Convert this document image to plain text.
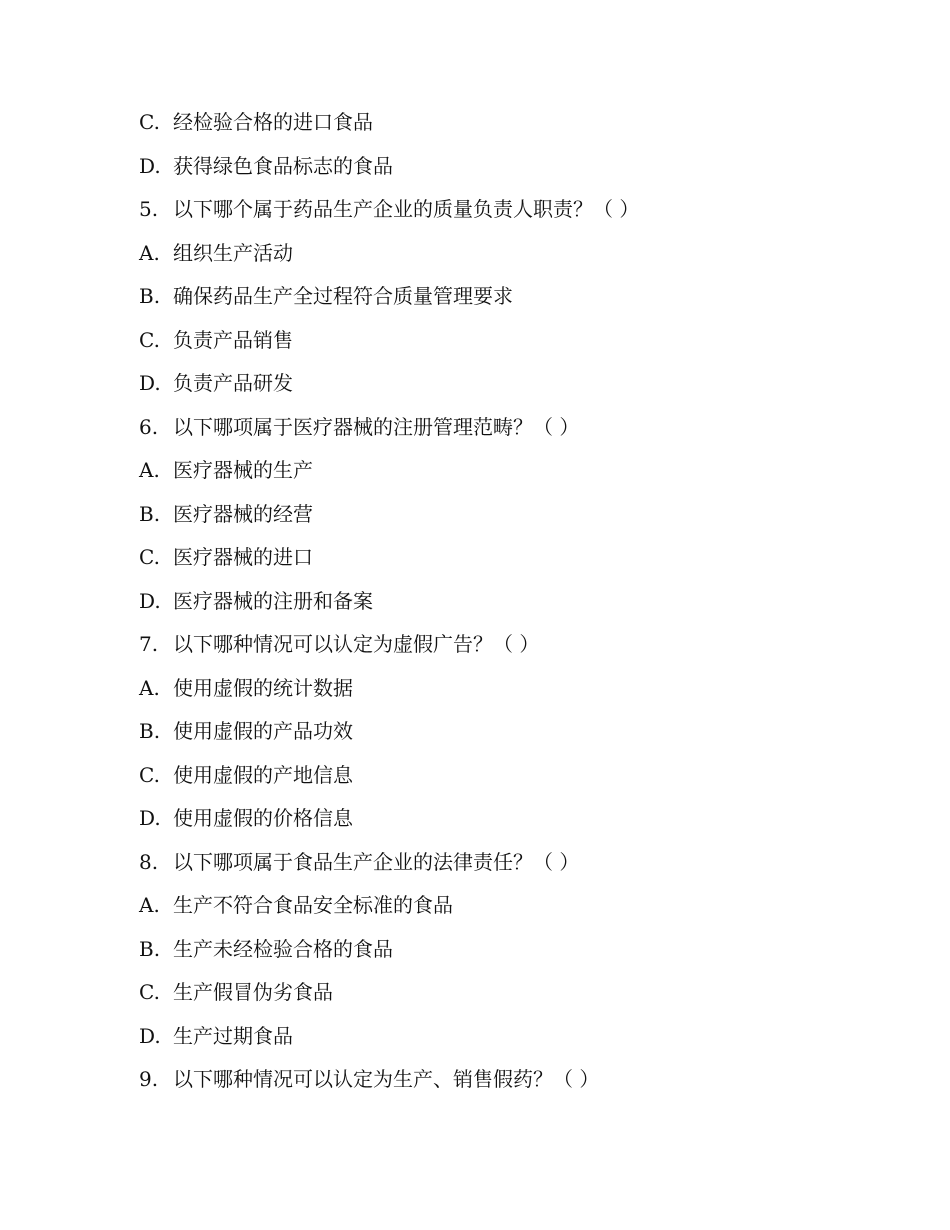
C. 经检验合格的进口食品
D. 获得绿色食品标志的食品
5. 以下哪个属于药品生产企业的质量负责人职责？（ ）
A. 组织生产活动
B. 确保药品生产全过程符合质量管理要求
C. 负责产品销售
D. 负责产品研发
6. 以下哪项属于医疗器械的注册管理范畴？（ ）
A. 医疗器械的生产
B. 医疗器械的经营
C. 医疗器械的进口
D. 医疗器械的注册和备案
7. 以下哪种情况可以认定为虚假广告？（ ）
A. 使用虚假的统计数据
B. 使用虚假的产品功效
C. 使用虚假的产地信息
D. 使用虚假的价格信息
8. 以下哪项属于食品生产企业的法律责任？（ ）
A. 生产不符合食品安全标准的食品
B. 生产未经检验合格的食品
C. 生产假冒伪劣食品
D. 生产过期食品
9. 以下哪种情况可以认定为生产、销售假药？（ ）
